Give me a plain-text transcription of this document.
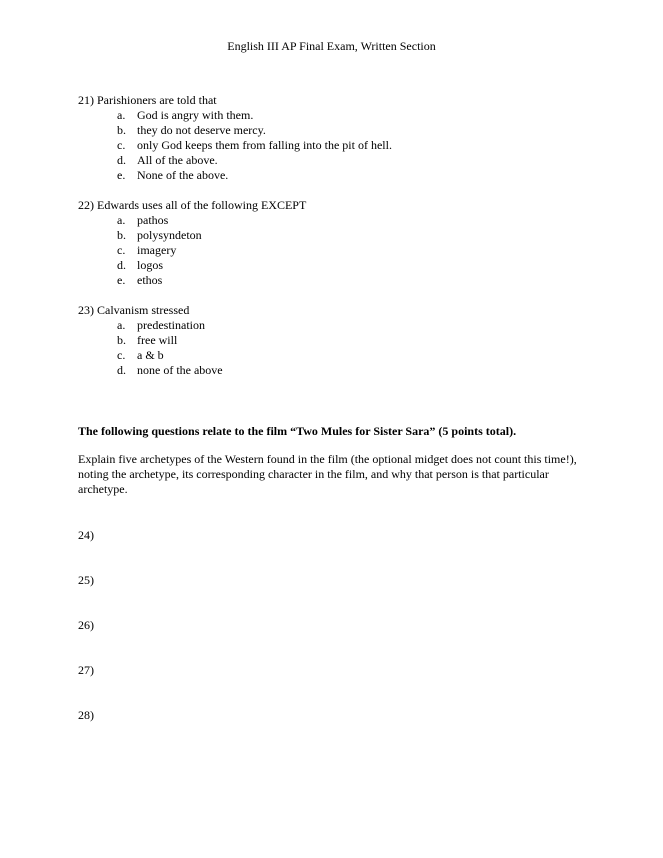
English III AP Final Exam, Written Section
21) Parishioners are told that
a. God is angry with them.
b. they do not deserve mercy.
c. only God keeps them from falling into the pit of hell.
d. All of the above.
e. None of the above.
22) Edwards uses all of the following EXCEPT
a. pathos
b. polysyndeton
c. imagery
d. logos
e. ethos
23) Calvanism stressed
a. predestination
b. free will
c. a & b
d. none of the above
The following questions relate to the film “Two Mules for Sister Sara” (5 points total).
Explain five archetypes of the Western found in the film (the optional midget does not count this time!), noting the archetype, its corresponding character in the film, and why that person is that particular archetype.
24)
25)
26)
27)
28)
